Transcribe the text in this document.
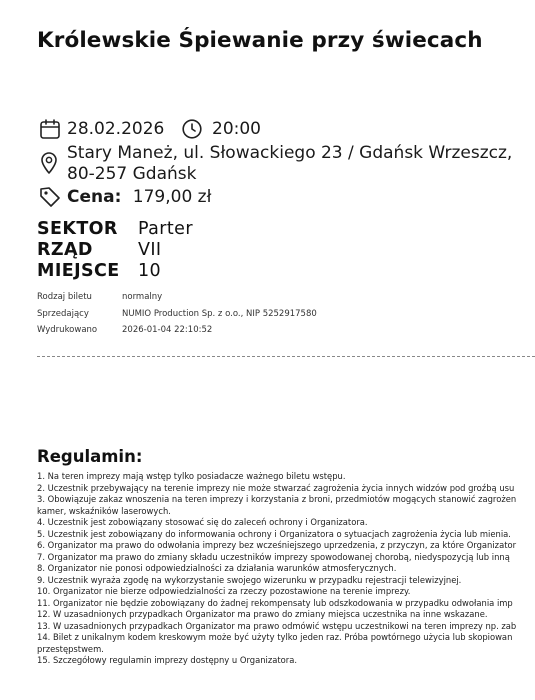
Królewskie Śpiewanie przy świecach
28.02.2026	20:00
Stary Maneż, ul. Słowackiego 23 / Gdańsk Wrzeszcz,
80-257 Gdańsk
Cena: 179,00 zł
SEKTOR Parter
RZĄD	VII
MIEJSCE 10
Rodzaj biletu	normalny
Sprzedający	NUMIO Production Sp. z o.o., NIP 5252917580
Wydrukowano	2026-01-04 22:10:52
Regulamin:
1. Na teren imprezy mają wstęp tylko posiadacze ważnego biletu wstępu.
2. Uczestnik przebywający na terenie imprezy nie może stwarzać zagrożenia życia innych widzów pod groźbą usu
3. Obowiązuje zakaz wnoszenia na teren imprezy i korzystania z broni, przedmiotów mogących stanowić zagrożen
kamer, wskaźników laserowych.
4. Uczestnik jest zobowiązany stosować się do zaleceń ochrony i Organizatora.
5. Uczestnik jest zobowiązany do informowania ochrony i Organizatora o sytuacjach zagrożenia życia lub mienia.
6. Organizator ma prawo do odwołania imprezy bez wcześniejszego uprzedzenia, z przyczyn, za które Organizator
7. Organizator ma prawo do zmiany składu uczestników imprezy spowodowanej chorobą, niedyspozycją lub inną
8. Organizator nie ponosi odpowiedzialności za działania warunków atmosferycznych.
9. Uczestnik wyraża zgodę na wykorzystanie swojego wizerunku w przypadku rejestracji telewizyjnej.
10. Organizator nie bierze odpowiedzialności za rzeczy pozostawione na terenie imprezy.
11. Organizator nie będzie zobowiązany do żadnej rekompensaty lub odszkodowania w przypadku odwołania imp
12. W uzasadnionych przypadkach Organizator ma prawo do zmiany miejsca uczestnika na inne wskazane.
13. W uzasadnionych przypadkach Organizator ma prawo odmówić wstępu uczestnikowi na teren imprezy np. zab
14. Bilet z unikalnym kodem kreskowym może być użyty tylko jeden raz. Próba powtórnego użycia lub skopiowan
przestępstwem.
15. Szczegółowy regulamin imprezy dostępny u Organizatora.
